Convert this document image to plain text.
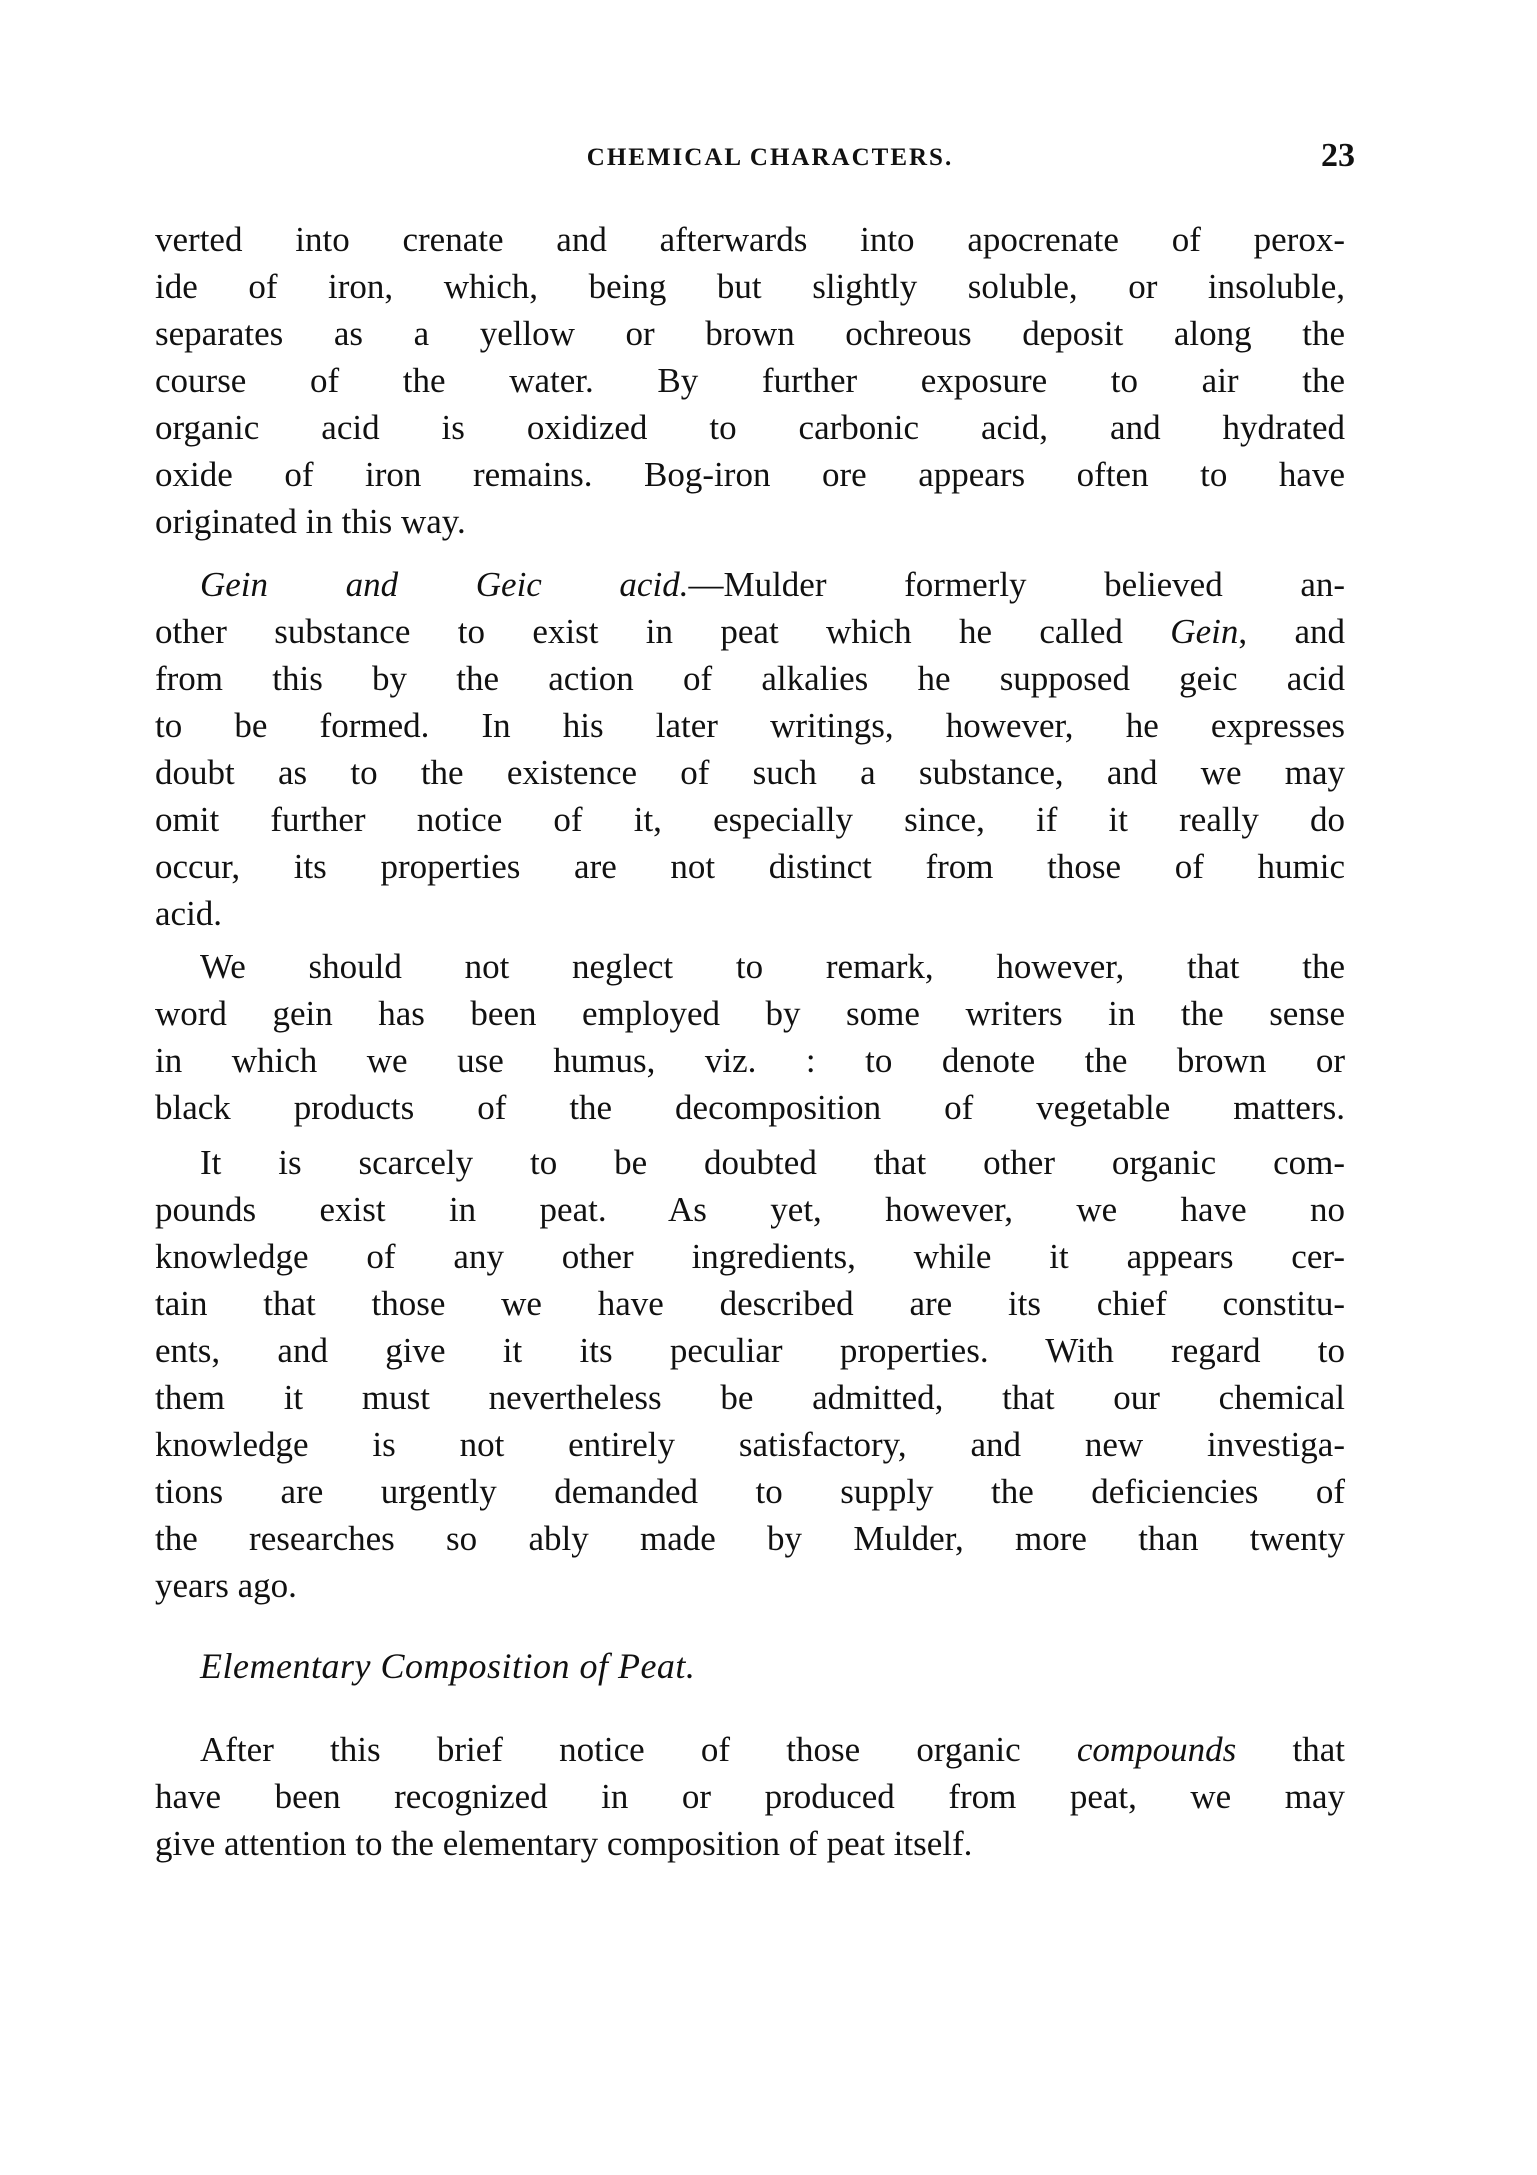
CHEMICAL CHARACTERS.	23
verted into crenate and afterwards into apocrenate of perox-
ide of iron, which, being but slightly soluble, or insoluble,
separates as a yellow or brown ochreous deposit along the
course of the water. By further exposure to air the
organic acid is oxidized to carbonic acid, and hydrated
oxide of iron remains. Bog-iron ore appears often to have
originated in this way.
Gein and Geic acid.—Mulder formerly believed an-
other substance to exist in peat which he called Gein, and
from this by the action of alkalies he supposed geic acid
to be formed. In his later writings, however, he expresses
doubt as to the existence of such a substance, and we may
omit further notice of it, especially since, if it really do
occur, its properties are not distinct from those of humic
acid.
We should not neglect to remark, however, that the
word gein has been employed by some writers in the sense
in which we use humus, viz. : to denote the brown or
black products of the decomposition of vegetable matters.
It is scarcely to be doubted that other organic com-
pounds exist in peat. As yet, however, we have no
knowledge of any other ingredients, while it appears cer-
tain that those we have described are its chief constitu-
ents, and give it its peculiar properties. With regard to
them it must nevertheless be admitted, that our chemical
knowledge is not entirely satisfactory, and new investiga-
tions are urgently demanded to supply the deficiencies of
the researches so ably made by Mulder, more than twenty
years ago.
Elementary Composition of Peat.
After this brief notice of those organic compounds that
have been recognized in or produced from peat, we may
give attention to the elementary composition of peat itself.
